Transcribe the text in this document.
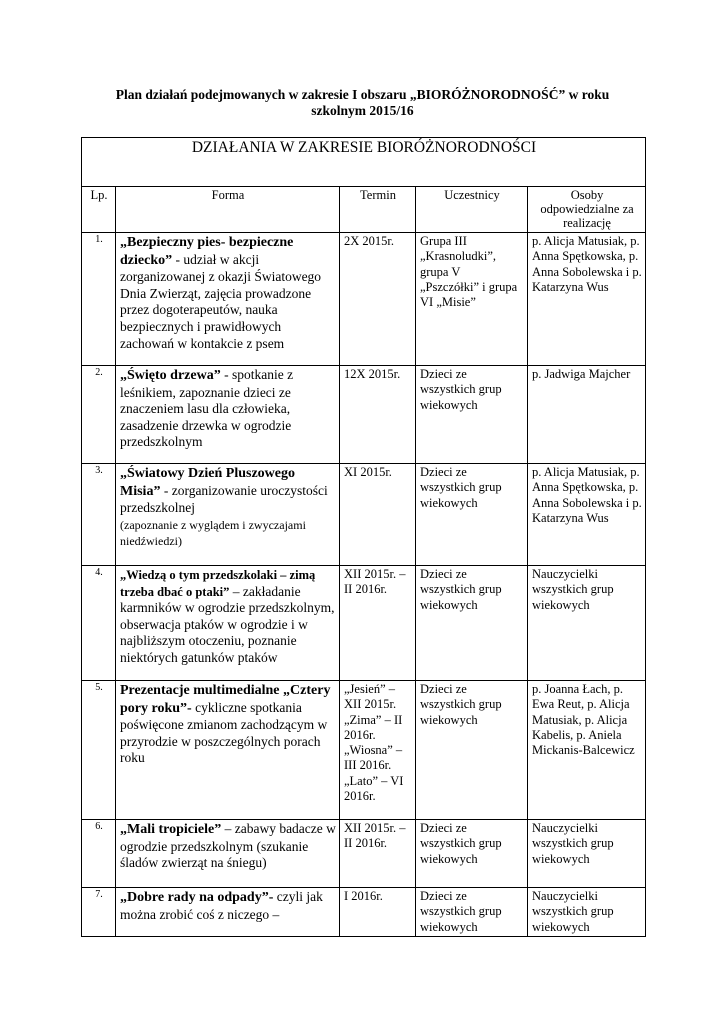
Plan działań podejmowanych w zakresie I obszaru „BIORÓŻNORODNOŚĆ” w roku
szkolnym 2015/16
DZIAŁANIA W ZAKRESIE BIORÓŻNORODNOŚCI				
Lp.	Forma	Termin	Uczestnicy	Osoby odpowiedzialne za realizację
1.	„Bezpieczny pies- bezpieczne dziecko” - udział w akcji zorganizowanej z okazji Światowego Dnia Zwierząt, zajęcia prowadzone przez dogoterapeutów, nauka bezpiecznych i prawidłowych zachowań w kontakcie z psem	2X 2015r.	Grupa III „Krasnoludki”, grupa V „Pszczółki” i grupa VI „Misie”	p. Alicja Matusiak, p. Anna Spętkowska, p. Anna Sobolewska i p. Katarzyna Wus
2.	„Święto drzewa” - spotkanie z leśnikiem, zapoznanie dzieci ze znaczeniem lasu dla człowieka, zasadzenie drzewka w ogrodzie przedszkolnym	12X 2015r.	Dzieci ze wszystkich grup wiekowych	p. Jadwiga Majcher
3.	„Światowy Dzień Pluszowego Misia” - zorganizowanie uroczystości przedszkolnej
(zapoznanie z wyglądem i zwyczajami niedźwiedzi)	XI 2015r.	Dzieci ze wszystkich grup wiekowych	p. Alicja Matusiak, p. Anna Spętkowska, p. Anna Sobolewska i p. Katarzyna Wus
4.	„Wiedzą o tym przedszkolaki – zimą trzeba dbać o ptaki” – zakładanie karmników w ogrodzie przedszkolnym, obserwacja ptaków w ogrodzie i w najbliższym otoczeniu, poznanie niektórych gatunków ptaków	XII 2015r. – II 2016r.	Dzieci ze wszystkich grup wiekowych	Nauczycielki wszystkich grup wiekowych
5.	Prezentacje multimedialne „Cztery pory roku”- cykliczne spotkania poświęcone zmianom zachodzącym w przyrodzie w poszczególnych porach roku	„Jesień” – XII 2015r. „Zima” – II 2016r. „Wiosna” – III 2016r. „Lato” – VI 2016r.	Dzieci ze wszystkich grup wiekowych	p. Joanna Łach, p. Ewa Reut, p. Alicja Matusiak, p. Alicja Kabelis, p. Aniela Mickanis-Balcewicz
6.	„Mali tropiciele” – zabawy badacze w ogrodzie przedszkolnym (szukanie śladów zwierząt na śniegu)	XII 2015r. – II 2016r.	Dzieci ze wszystkich grup wiekowych	Nauczycielki wszystkich grup wiekowych
7.	„Dobre rady na odpady”- czyli jak można zrobić coś z niczego –	I 2016r.	Dzieci ze wszystkich grup wiekowych	Nauczycielki wszystkich grup wiekowych
